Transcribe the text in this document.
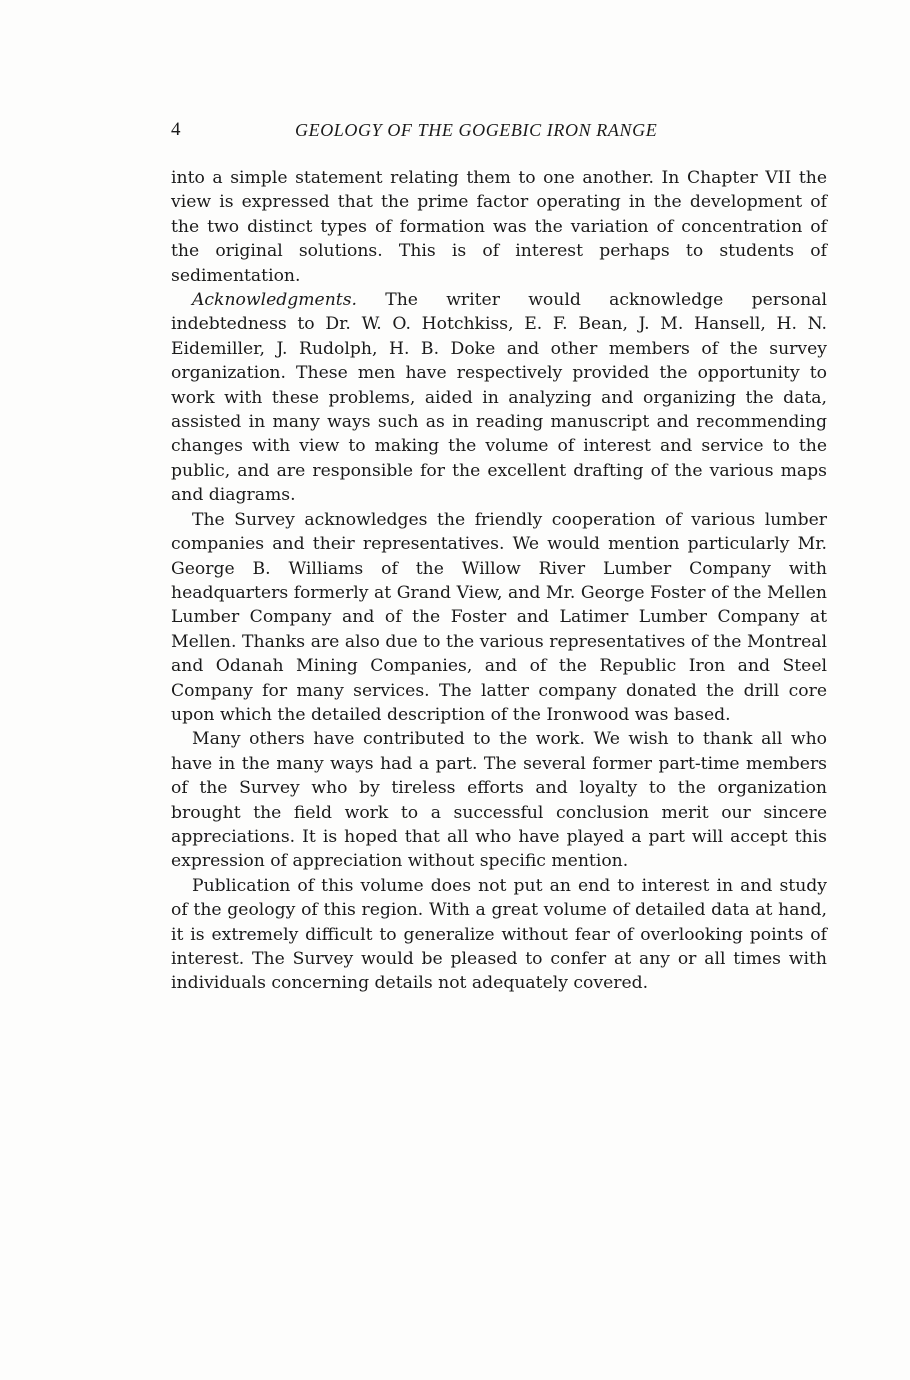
4	GEOLOGY OF THE GOGEBIC IRON RANGE

into a simple statement relating them to one another. In Chapter VII the view is expressed that the prime factor operating in the development of the two distinct types of formation was the variation of concentration of the original solutions. This is of interest perhaps to students of sedimentation.

Acknowledgments. The writer would acknowledge personal indebtedness to Dr. W. O. Hotchkiss, E. F. Bean, J. M. Hansell, H. N. Eidemiller, J. Rudolph, H. B. Doke and other members of the survey organization. These men have respectively provided the opportunity to work with these problems, aided in analyzing and organizing the data, assisted in many ways such as in reading manuscript and recommending changes with view to making the volume of interest and service to the public, and are responsible for the excellent drafting of the various maps and diagrams.

The Survey acknowledges the friendly cooperation of various lumber companies and their representatives. We would mention particularly Mr. George B. Williams of the Willow River Lumber Company with headquarters formerly at Grand View, and Mr. George Foster of the Mellen Lumber Company and of the Foster and Latimer Lumber Company at Mellen. Thanks are also due to the various representatives of the Montreal and Odanah Mining Companies, and of the Republic Iron and Steel Company for many services. The latter company donated the drill core upon which the detailed description of the Ironwood was based.

Many others have contributed to the work. We wish to thank all who have in the many ways had a part. The several former part-time members of the Survey who by tireless efforts and loyalty to the organization brought the field work to a successful conclusion merit our sincere appreciations. It is hoped that all who have played a part will accept this expression of appreciation without specific mention.

Publication of this volume does not put an end to interest in and study of the geology of this region. With a great volume of detailed data at hand, it is extremely difficult to generalize without fear of overlooking points of interest. The Survey would be pleased to confer at any or all times with individuals concerning details not adequately covered.
